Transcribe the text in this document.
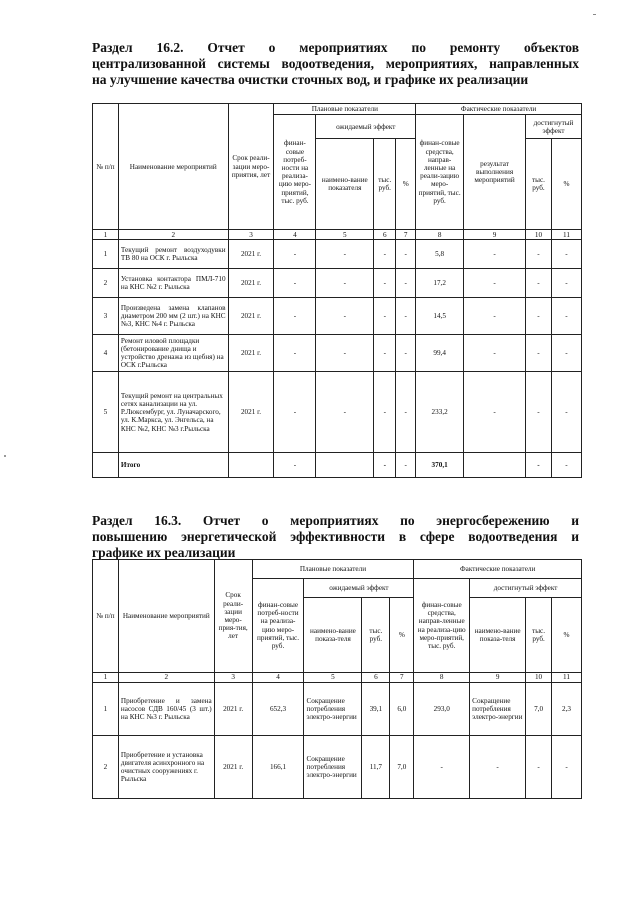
Раздел 16.2. Отчет о мероприятиях по ремонту объектов
централизованной системы водоотведения, мероприятиях, направленных
на улучшение качества очистки сточных вод, и графике их реализации
№ п/п	Наименование мероприятий	Срок реали-зации меро-приятия, лет	Плановые показатели				Фактические показатели			
			финан-совые потреб-ности на реализа-цию меро-приятий, тыс. руб.	ожидаемый эффект			финан-совые средства, направ-ленные на реали-зацию меро-приятий, тыс. руб.	результат выполнения мероприятий	достигнутый эффект	
				наимено-вание показателя	тыс. руб.	%			тыс. руб.	%
1	2	3	4	5	6	7	8	9	10	11
1	Текущий ремонт воздуходувки ТВ 80 на ОСК г. Рыльска	2021 г.	-	-	-	-	5,8	-	-	-
2	Установка контактора ПМЛ-710 на КНС №2 г. Рыльска	2021 г.	-	-	-	-	17,2	-	-	-
3	Произведена замена клапанов диаметром 200 мм (2 шт.) на КНС №3, КНС №4 г. Рыльска	2021 г.	-	-	-	-	14,5	-	-	-
4	Ремонт иловой площадки (бетонирование днища и устройство дренажа из щебня) на ОСК г.Рыльска	2021 г.	-	-	-	-	99,4	-	-	-
5	Текущий ремонт на центральных сетях канализации на ул. Р.Люксембург, ул. Луначарского, ул. К.Маркса, ул. Энгельса, на КНС №2, КНС №3 г.Рыльска	2021 г.	-	-	-	-	233,2	-	-	-
	Итого		-		-	-	370,1		-	-
Раздел 16.3. Отчет о мероприятиях по энергосбережению и
повышению энергетической эффективности в сфере водоотведения и
графике их реализации
№ п/п	Наименование мероприятий	Срок реали-зации меро-прия-тия, лет	Плановые показатели				Фактические показатели			
			финан-совые потреб-ности на реализа-цию меро-приятий, тыс. руб.	ожидаемый эффект			финан-совые средства, направ-ленные на реализа-цию меро-приятий, тыс. руб.	достигнутый эффект		
				наимено-вание показа-теля	тыс. руб.	%		наимено-вание показа-теля	тыс. руб.	%
1	2	3	4	5	6	7	8	9	10	11
1	Приобретение и замена насосов СДВ 160/45 (3 шт.) на КНС №3 г. Рыльска	2021 г.	652,3	Сокращение потребления электро-энергии	39,1	6,0	293,0	Сокращение потребления электро-энергии	7,0	2,3
2	Приобретение и установка двигателя асинхронного на очистных сооружениях г. Рыльска	2021 г.	166,1	Сокращение потребления электро-энергии	11,7	7,0	-	-	-	-
